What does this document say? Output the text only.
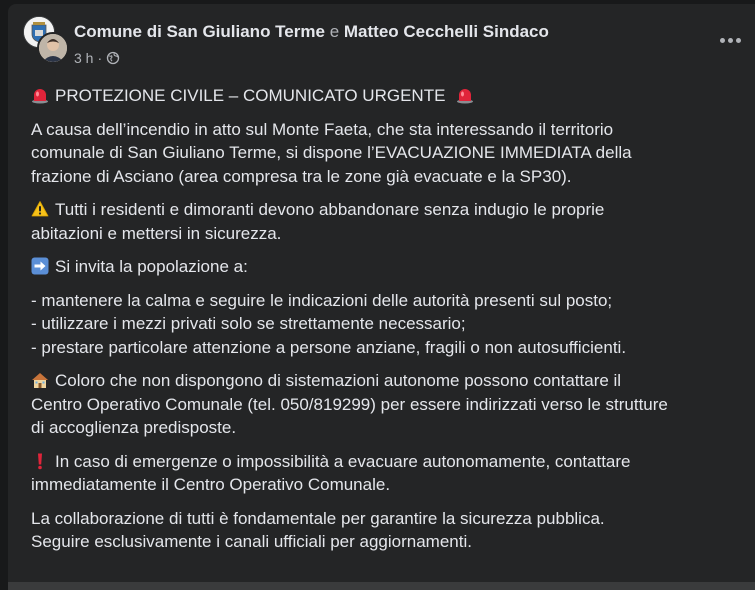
Comune di San Giuliano Terme e Matteo Cecchelli Sindaco
3 h ·

PROTEZIONE CIVILE – COMUNICATO URGENTE

A causa dell’incendio in atto sul Monte Faeta, che sta interessando il territorio
comunale di San Giuliano Terme, si dispone l’EVACUAZIONE IMMEDIATA della
frazione di Asciano (area compresa tra le zone già evacuate e la SP30).

Tutti i residenti e dimoranti devono abbandonare senza indugio le proprie
abitazioni e mettersi in sicurezza.

Si invita la popolazione a:

- mantenere la calma e seguire le indicazioni delle autorità presenti sul posto;
- utilizzare i mezzi privati solo se strettamente necessario;
- prestare particolare attenzione a persone anziane, fragili o non autosufficienti.

Coloro che non dispongono di sistemazioni autonome possono contattare il
Centro Operativo Comunale (tel. 050/819299) per essere indirizzati verso le strutture
di accoglienza predisposte.

In caso di emergenze o impossibilità a evacuare autonomamente, contattare
immediatamente il Centro Operativo Comunale.

La collaborazione di tutti è fondamentale per garantire la sicurezza pubblica.
Seguire esclusivamente i canali ufficiali per aggiornamenti.
